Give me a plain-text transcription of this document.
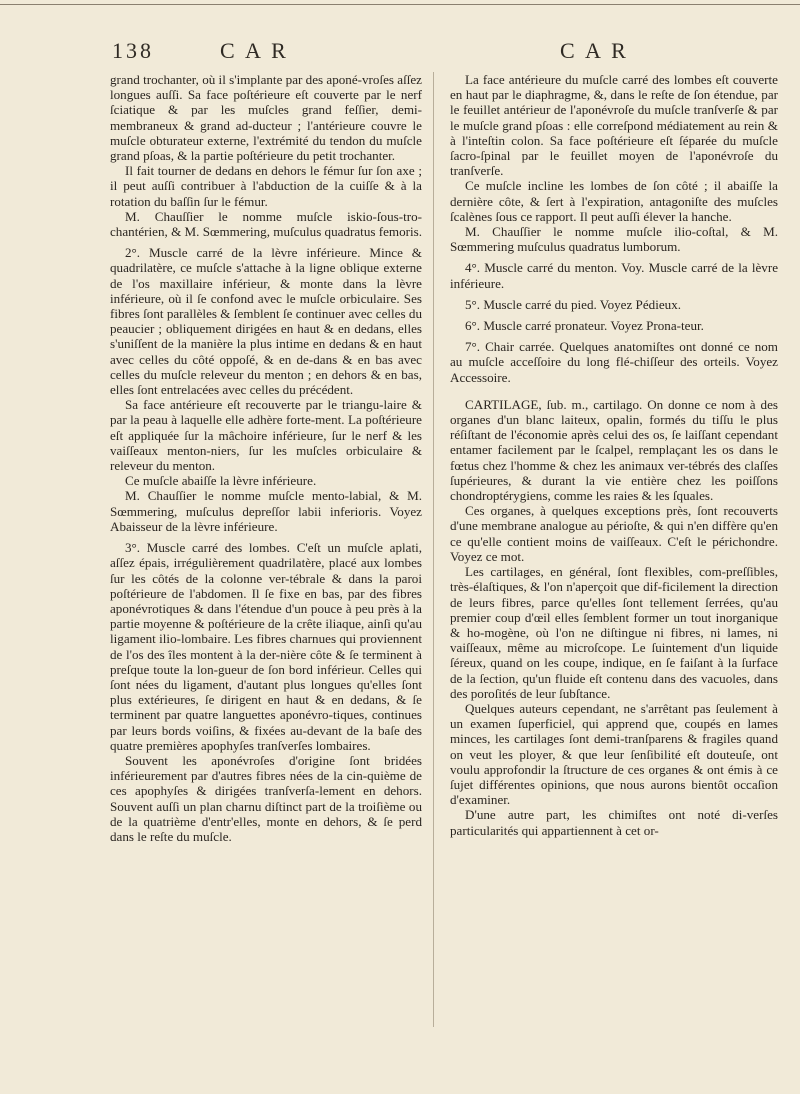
138	C A R	C A R

grand trochanter, où il s'implante par des aponé-vroſes aſſez longues auſſi. Sa face poſtérieure eſt couverte par le nerf ſciatique & par les muſcles grand feſſier, demi-membraneux & grand ad-ducteur ; l'antérieure couvre le muſcle obturateur externe, l'extrémité du tendon du muſcle grand pſoas, & la partie poſtérieure du petit trochanter.

Il fait tourner de dedans en dehors le fémur ſur ſon axe ; il peut auſſi contribuer à l'abduction de la cuiſſe & à la rotation du baſſin ſur le fémur.

M. Chauſſier le nomme muſcle iskio-ſous-tro-chantérien, & M. Sœmmering, muſculus quadratus femoris.

2°. Muscle carré de la lèvre inférieure. Mince & quadrilatère, ce muſcle s'attache à la ligne oblique externe de l'os maxillaire inférieur, & monte dans la lèvre inférieure, où il ſe confond avec le muſcle orbiculaire. Ses fibres ſont parallèles & ſemblent ſe continuer avec celles du peaucier ; obliquement dirigées en haut & en dedans, elles s'uniſſent de la manière la plus intime en dedans & en haut avec celles du côté oppoſé, & en de-dans & en bas avec celles du muſcle releveur du menton ; en dehors & en bas, elles ſont entrelacées avec celles du précédent.

Sa face antérieure eſt recouverte par le triangu-laire & par la peau à laquelle elle adhère forte-ment. La poſtérieure eſt appliquée ſur la mâchoire inférieure, ſur le nerf & les vaiſſeaux menton-niers, ſur les muſcles orbiculaire & releveur du menton.

Ce muſcle abaiſſe la lèvre inférieure.

M. Chauſſier le nomme muſcle mento-labial, & M. Sœmmering, muſculus depreſſor labii inferioris. Voyez Abaisseur de la lèvre inférieure.

3°. Muscle carré des lombes. C'eſt un muſcle aplati, aſſez épais, irrégulièrement quadrilatère, placé aux lombes ſur les côtés de la colonne ver-tébrale & dans la paroi poſtérieure de l'abdomen. Il ſe fixe en bas, par des fibres aponévrotiques & dans l'étendue d'un pouce à peu près à la partie moyenne & poſtérieure de la crête iliaque, ainſi qu'au ligament ilio-lombaire. Les fibres charnues qui proviennent de l'os des îles montent à la der-nière côte & ſe terminent à preſque toute la lon-gueur de ſon bord inférieur. Celles qui ſont nées du ligament, d'autant plus longues qu'elles ſont plus extérieures, ſe dirigent en haut & en dedans, & ſe terminent par quatre languettes aponévro-tiques, continues par leurs bords voiſins, & fixées au-devant de la baſe des quatre premières apophyſes tranſverſes lombaires.

Souvent les aponévroſes d'origine ſont bridées inférieurement par d'autres fibres nées de la cin-quième de ces apophyſes & dirigées tranſverſa-lement en dehors. Souvent auſſi un plan charnu diſtinct part de la troiſième ou de la quatrième d'entr'elles, monte en dehors, & ſe perd dans le reſte du muſcle.

La face antérieure du muſcle carré des lombes eſt couverte en haut par le diaphragme, &, dans le reſte de ſon étendue, par le feuillet antérieur de l'aponévroſe du muſcle tranſverſe & par le muſcle grand pſoas : elle correſpond médiatement au rein & à l'inteſtin colon. Sa face poſtérieure eſt ſéparée du muſcle ſacro-ſpinal par le feuillet moyen de l'aponévroſe du tranſverſe.

Ce muſcle incline les lombes de ſon côté ; il abaiſſe la dernière côte, & ſert à l'expiration, antagoniſte des muſcles ſcalènes ſous ce rapport. Il peut auſſi élever la hanche.

M. Chauſſier le nomme muſcle ilio-coſtal, & M. Sœmmering muſculus quadratus lumborum.

4°. Muscle carré du menton. Voy. Muscle carré de la lèvre inférieure.

5°. Muscle carré du pied. Voyez Pédieux.

6°. Muscle carré pronateur. Voyez Prona-teur.

7°. Chair carrée. Quelques anatomiſtes ont donné ce nom au muſcle acceſſoire du long flé-chiſſeur des orteils. Voyez Accessoire.

CARTILAGE, ſub. m., cartilago. On donne ce nom à des organes d'un blanc laiteux, opalin, formés du tiſſu le plus réſiſtant de l'économie après celui des os, ſe laiſſant cependant entamer facilement par le ſcalpel, remplaçant les os dans le fœtus chez l'homme & chez les animaux ver-tébrés des claſſes ſupérieures, & durant la vie entière chez les poiſſons chondroptérygiens, comme les raies & les ſquales.

Ces organes, à quelques exceptions près, ſont recouverts d'une membrane analogue au périoſte, & qui n'en diffère qu'en ce qu'elle contient moins de vaiſſeaux. C'eſt le périchondre. Voyez ce mot.

Les cartilages, en général, ſont flexibles, com-preſſibles, très-élaſtiques, & l'on n'aperçoit que dif-ficilement la direction de leurs fibres, parce qu'elles ſont tellement ſerrées, qu'au premier coup d'œil elles ſemblent former un tout inorganique & ho-mogène, où l'on ne diſtingue ni fibres, ni lames, ni vaiſſeaux, même au microſcope. Le ſuintement d'un liquide ſéreux, quand on les coupe, indique, en ſe faiſant à la ſurface de la ſection, qu'un fluide eſt contenu dans des vacuoles, dans des poroſités de leur ſubſtance.

Quelques auteurs cependant, ne s'arrêtant pas ſeulement à un examen ſuperficiel, qui apprend que, coupés en lames minces, les cartilages ſont demi-tranſparens & fragiles quand on veut les ployer, & que leur ſenſibilité eſt douteuſe, ont voulu approfondir la ſtructure de ces organes & ont émis à ce ſujet différentes opinions, que nous aurons bientôt occaſion d'examiner.

D'une autre part, les chimiſtes ont noté di-verſes particularités qui appartiennent à cet or-
